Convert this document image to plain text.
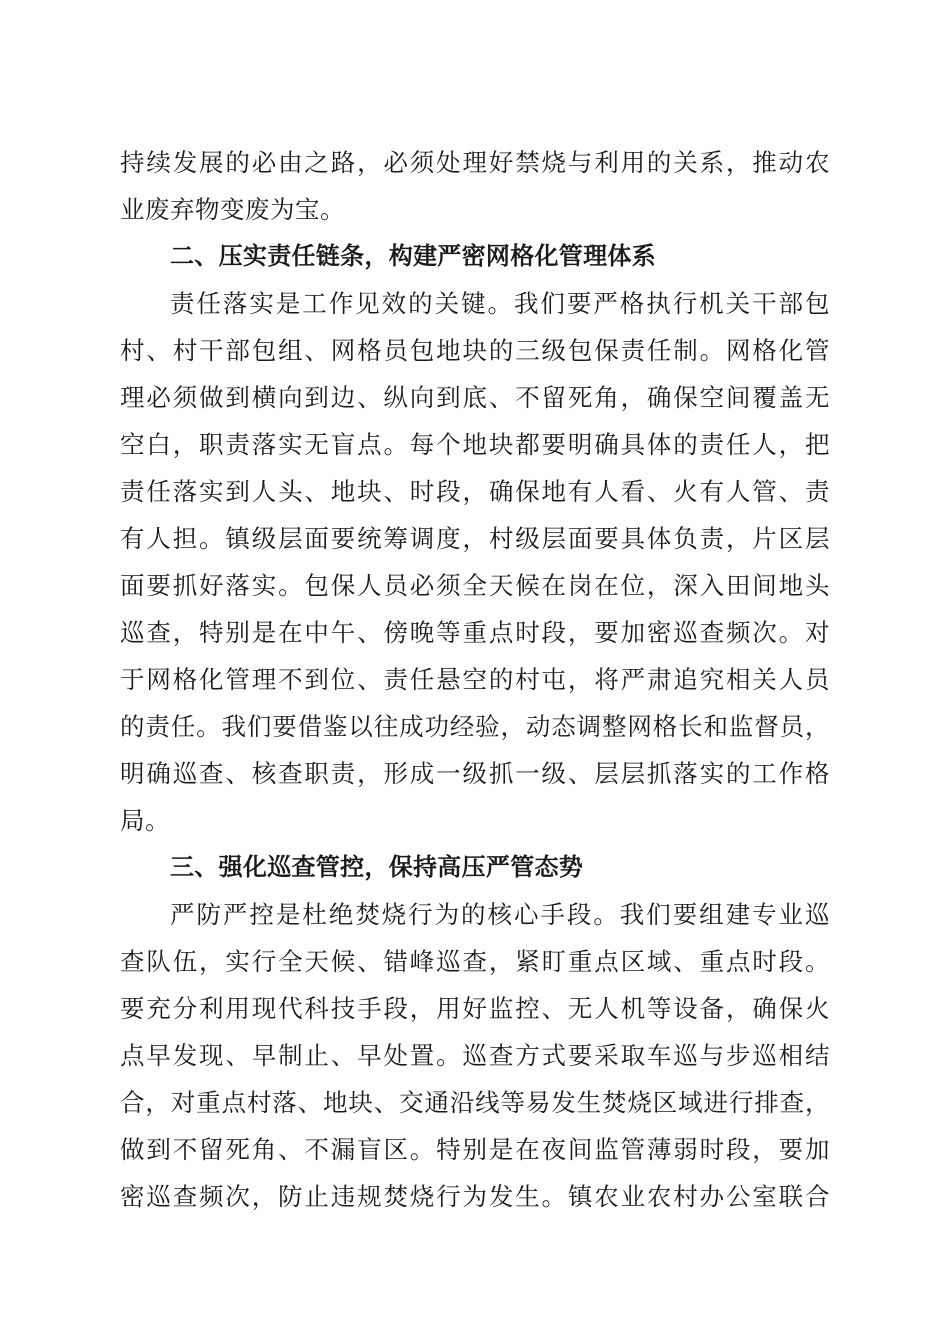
持续发展的必由之路，必须处理好禁烧与利用的关系，推动农
业废弃物变废为宝。
二、压实责任链条，构建严密网格化管理体系
责任落实是工作见效的关键。我们要严格执行机关干部包
村、村干部包组、网格员包地块的三级包保责任制。网格化管
理必须做到横向到边、纵向到底、不留死角，确保空间覆盖无
空白，职责落实无盲点。每个地块都要明确具体的责任人，把
责任落实到人头、地块、时段，确保地有人看、火有人管、责
有人担。镇级层面要统筹调度，村级层面要具体负责，片区层
面要抓好落实。包保人员必须全天候在岗在位，深入田间地头
巡查，特别是在中午、傍晚等重点时段，要加密巡查频次。对
于网格化管理不到位、责任悬空的村屯，将严肃追究相关人员
的责任。我们要借鉴以往成功经验，动态调整网格长和监督员，
明确巡查、核查职责，形成一级抓一级、层层抓落实的工作格
局。
三、强化巡查管控，保持高压严管态势
严防严控是杜绝焚烧行为的核心手段。我们要组建专业巡
查队伍，实行全天候、错峰巡查，紧盯重点区域、重点时段。
要充分利用现代科技手段，用好监控、无人机等设备，确保火
点早发现、早制止、早处置。巡查方式要采取车巡与步巡相结
合，对重点村落、地块、交通沿线等易发生焚烧区域进行排查，
做到不留死角、不漏盲区。特别是在夜间监管薄弱时段，要加
密巡查频次，防止违规焚烧行为发生。镇农业农村办公室联合
